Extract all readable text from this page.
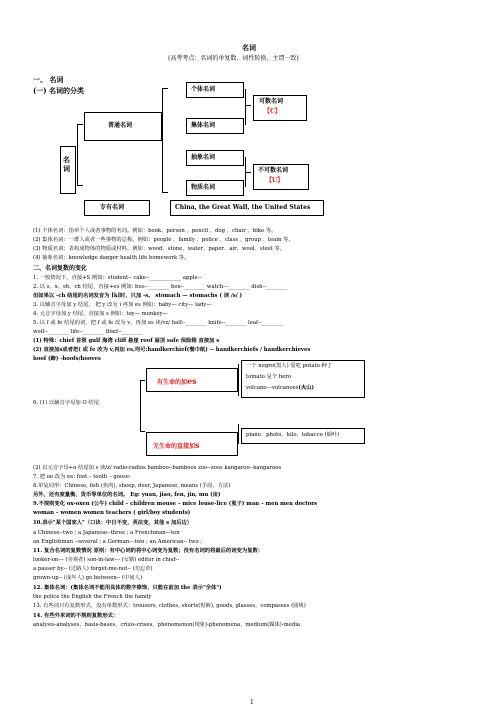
名词
(高考考点：名词的单复数、词性转换、主谓一致)
一、 名词
(一) 名词的分类
名词
普通名词
个体名词
集体名词
抽象名词
物质名词
可数名词
【C】
不可数名词
【U】
专有名词	China, the Great Wall, the United States
(1) 个体名词：指单个人或者事物的名词。例如：book、person 、pencil 、dog 、chair 、bike 等。
(2) 集体名词：一群人或者一些事物的总称。例如：people 、family 、police 、class 、group 、team 等。
(3) 物质名词：表构成物体的物质或材料。例如：wood、stone、water、paper、air、wool、steel 等。
(4) 抽象名词：knowledge danger health life homework 等。
二、名词复数的变化
1. 一般情况下，直接+S 例如：student-- cake--____________ apple--
2. 以 s、x、sh、ch 结尾，直接+es 例如: bus--________ box--________ watch---________ dish--________
但如果以 -ch 结尾的名词发音为 [k]时，只加 -s。 stomach — stomachs ( 读 /s/ )
3. 以辅音字母加 y 结尾， 把 y 改为 i 再加 es 例如：baby— city— lady—
4. 元音字母加 y 结尾，直接加 s 例如：toy— monkey—
5. 以 f 或 fe 结尾的词，把 f 或 fe 改为 v，再加 es 读/vz/ half--________ knife--________ leaf--________
wolf--________ life--________ thief--________
(1) 特殊：chief 首领 gulf 海湾 cliff 悬崖 roof 屋顶 safe 保险箱 直接加 s
(2) 直接加s或者把( 或 fe 改为 v,再加 es,均可:handkerchief(餐巾纸) -- handkerchiefs / handkerchieves
hoof (蹄) -hoofs/hooves
6. (1) 以辅音字母加 O 结尾
有生命的加es
一个 negro(黑人) 爱吃 potato 种了
tomato 是个 hero
volcano---volcanoes(火山)
无生命的直接加s
piano、photo、kilo、tabacco (烟叶)
(2) 以元音字母+o 结尾加 s 读/z/ radio-radios bamboo--bamboos zoo--zoos kangaroo--kangaroos
7. 把 oo 改为 ee: foot – tooth – goose-
8.单复同形：Chinese, fish (鱼肉), sheep, deer, Japanese, means (手段、方法)
另外，还有度量衡、货币等单位的名词。 Eg: yuan, jiao, fen, jin, mu (亩)
9.不规则变化 ox-oxen (公牛) child – children mouse – mice louse-lice (虱子) man – men men doctors
woman – women women teachers ( girl/boy students)
10.表示"某个国家人"（口诀：中日不变，英法变，其他 s 加后边）
a Chinese--two ; a Japanese--three ; a Frenchman—ten
an Englishman --several ; a German---two ; an American-- two ;
11. 复合名词的复数情况 原则：有中心词的将中心词变为复数；没有名词的将最后的词变为复数：
looker-on--- (旁观者) son-in-law--- (女婿) editor in chief--
a passer by-- (过路人) forget-me-not-- (勿忘草)
grown-up-- (成年人) go between-- (中间人)
12. 集体名词：(集体名词不能用具体的数字修饰，只能在前加 the 表示"全体")
the police the English the French the family
13. 有些词只有复数形式，没有单数形式：trousers, clothes, shorts(短裤), goods, glasses，compasses (圆规)
14. 有些外来词的不规则复数形式：
analysis-analyses，basis-bases，crisis-crises，phenomenon(现象)-phenomena，medium(媒体)-media
1
